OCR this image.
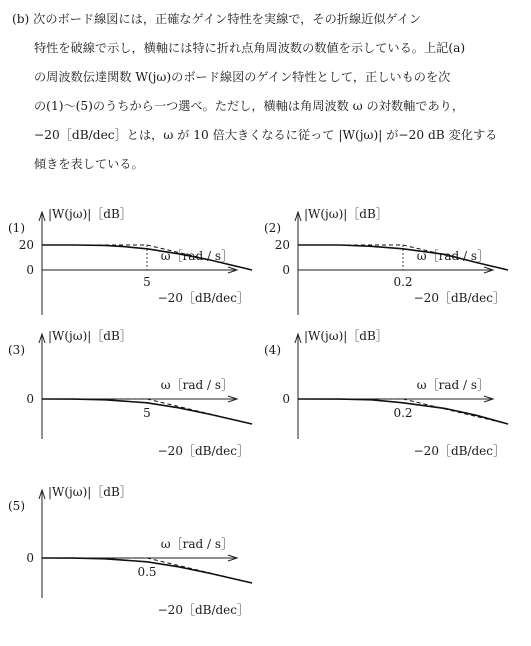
(b) 次のボード線図には，正確なゲイン特性を実線で，その折線近似ゲイン
特性を破線で示し，横軸には特に折れ点角周波数の数値を示している。上記(a)
の周波数伝達関数 W(jω)のボード線図のゲイン特性として，正しいものを次
の(1)～(5)のうちから一つ選べ。ただし，横軸は角周波数 ω の対数軸であり，
−20［dB/dec］とは，ω が 10 倍大きくなるに従って |W(jω)| が−20 dB 変化する
傾きを表している。
(1)
|W(jω)|［dB］
ω［rad / s］
20
0
5
−20［dB/dec］
(2)
|W(jω)|［dB］
ω［rad / s］
20
0
0.2
−20［dB/dec］
(3)
|W(jω)|［dB］
ω［rad / s］
0
5
−20［dB/dec］
(4)
|W(jω)|［dB］
ω［rad / s］
0
0.2
−20［dB/dec］
(5)
|W(jω)|［dB］
ω［rad / s］
0
0.5
−20［dB/dec］
